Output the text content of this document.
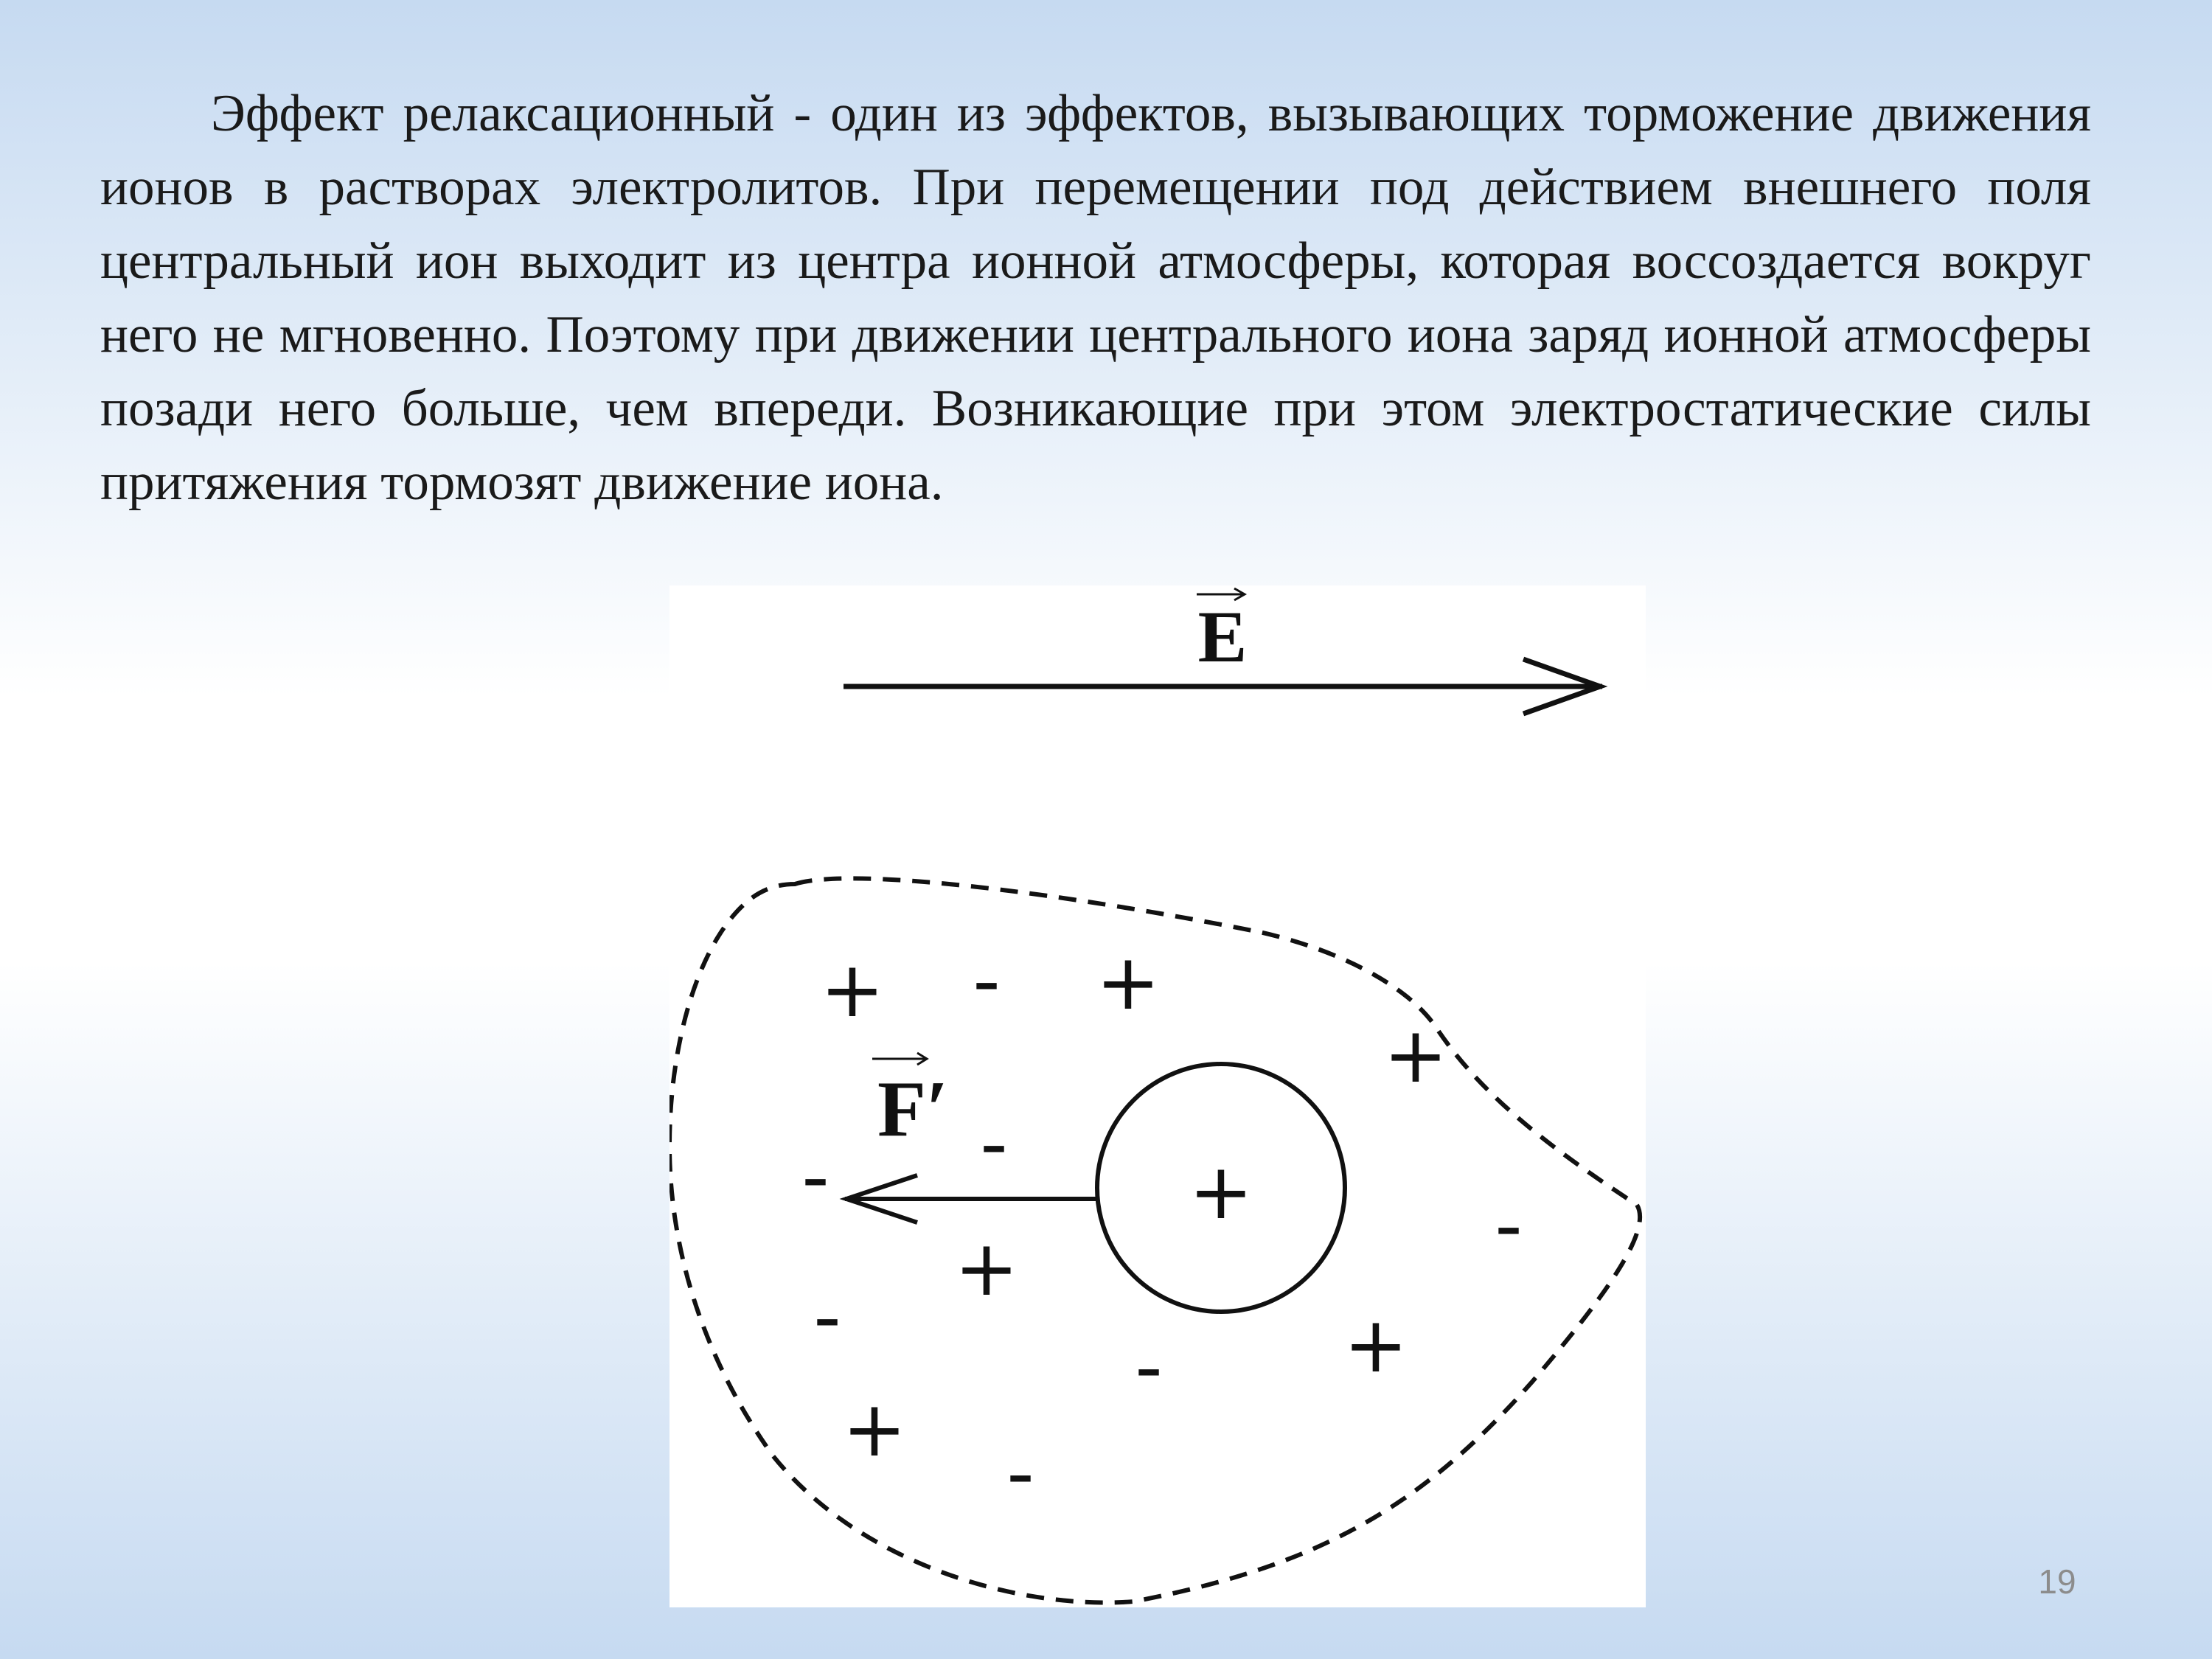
Эффект релаксационный - один из эффектов, вызывающих торможение движения ионов в растворах электролитов. При перемещении под действием внешнего поля центральный ион выходит из центра ионной атмосферы, которая воссоздается вокруг него не мгновенно. Поэтому при движении центрального иона заряд ионной атмосферы позади него больше, чем впереди. Возникающие при этом электростатические силы притяжения тормозят движение иона.

E
+
F′
+ - +
+
-
-
-
+
-
- +
+ -
19
